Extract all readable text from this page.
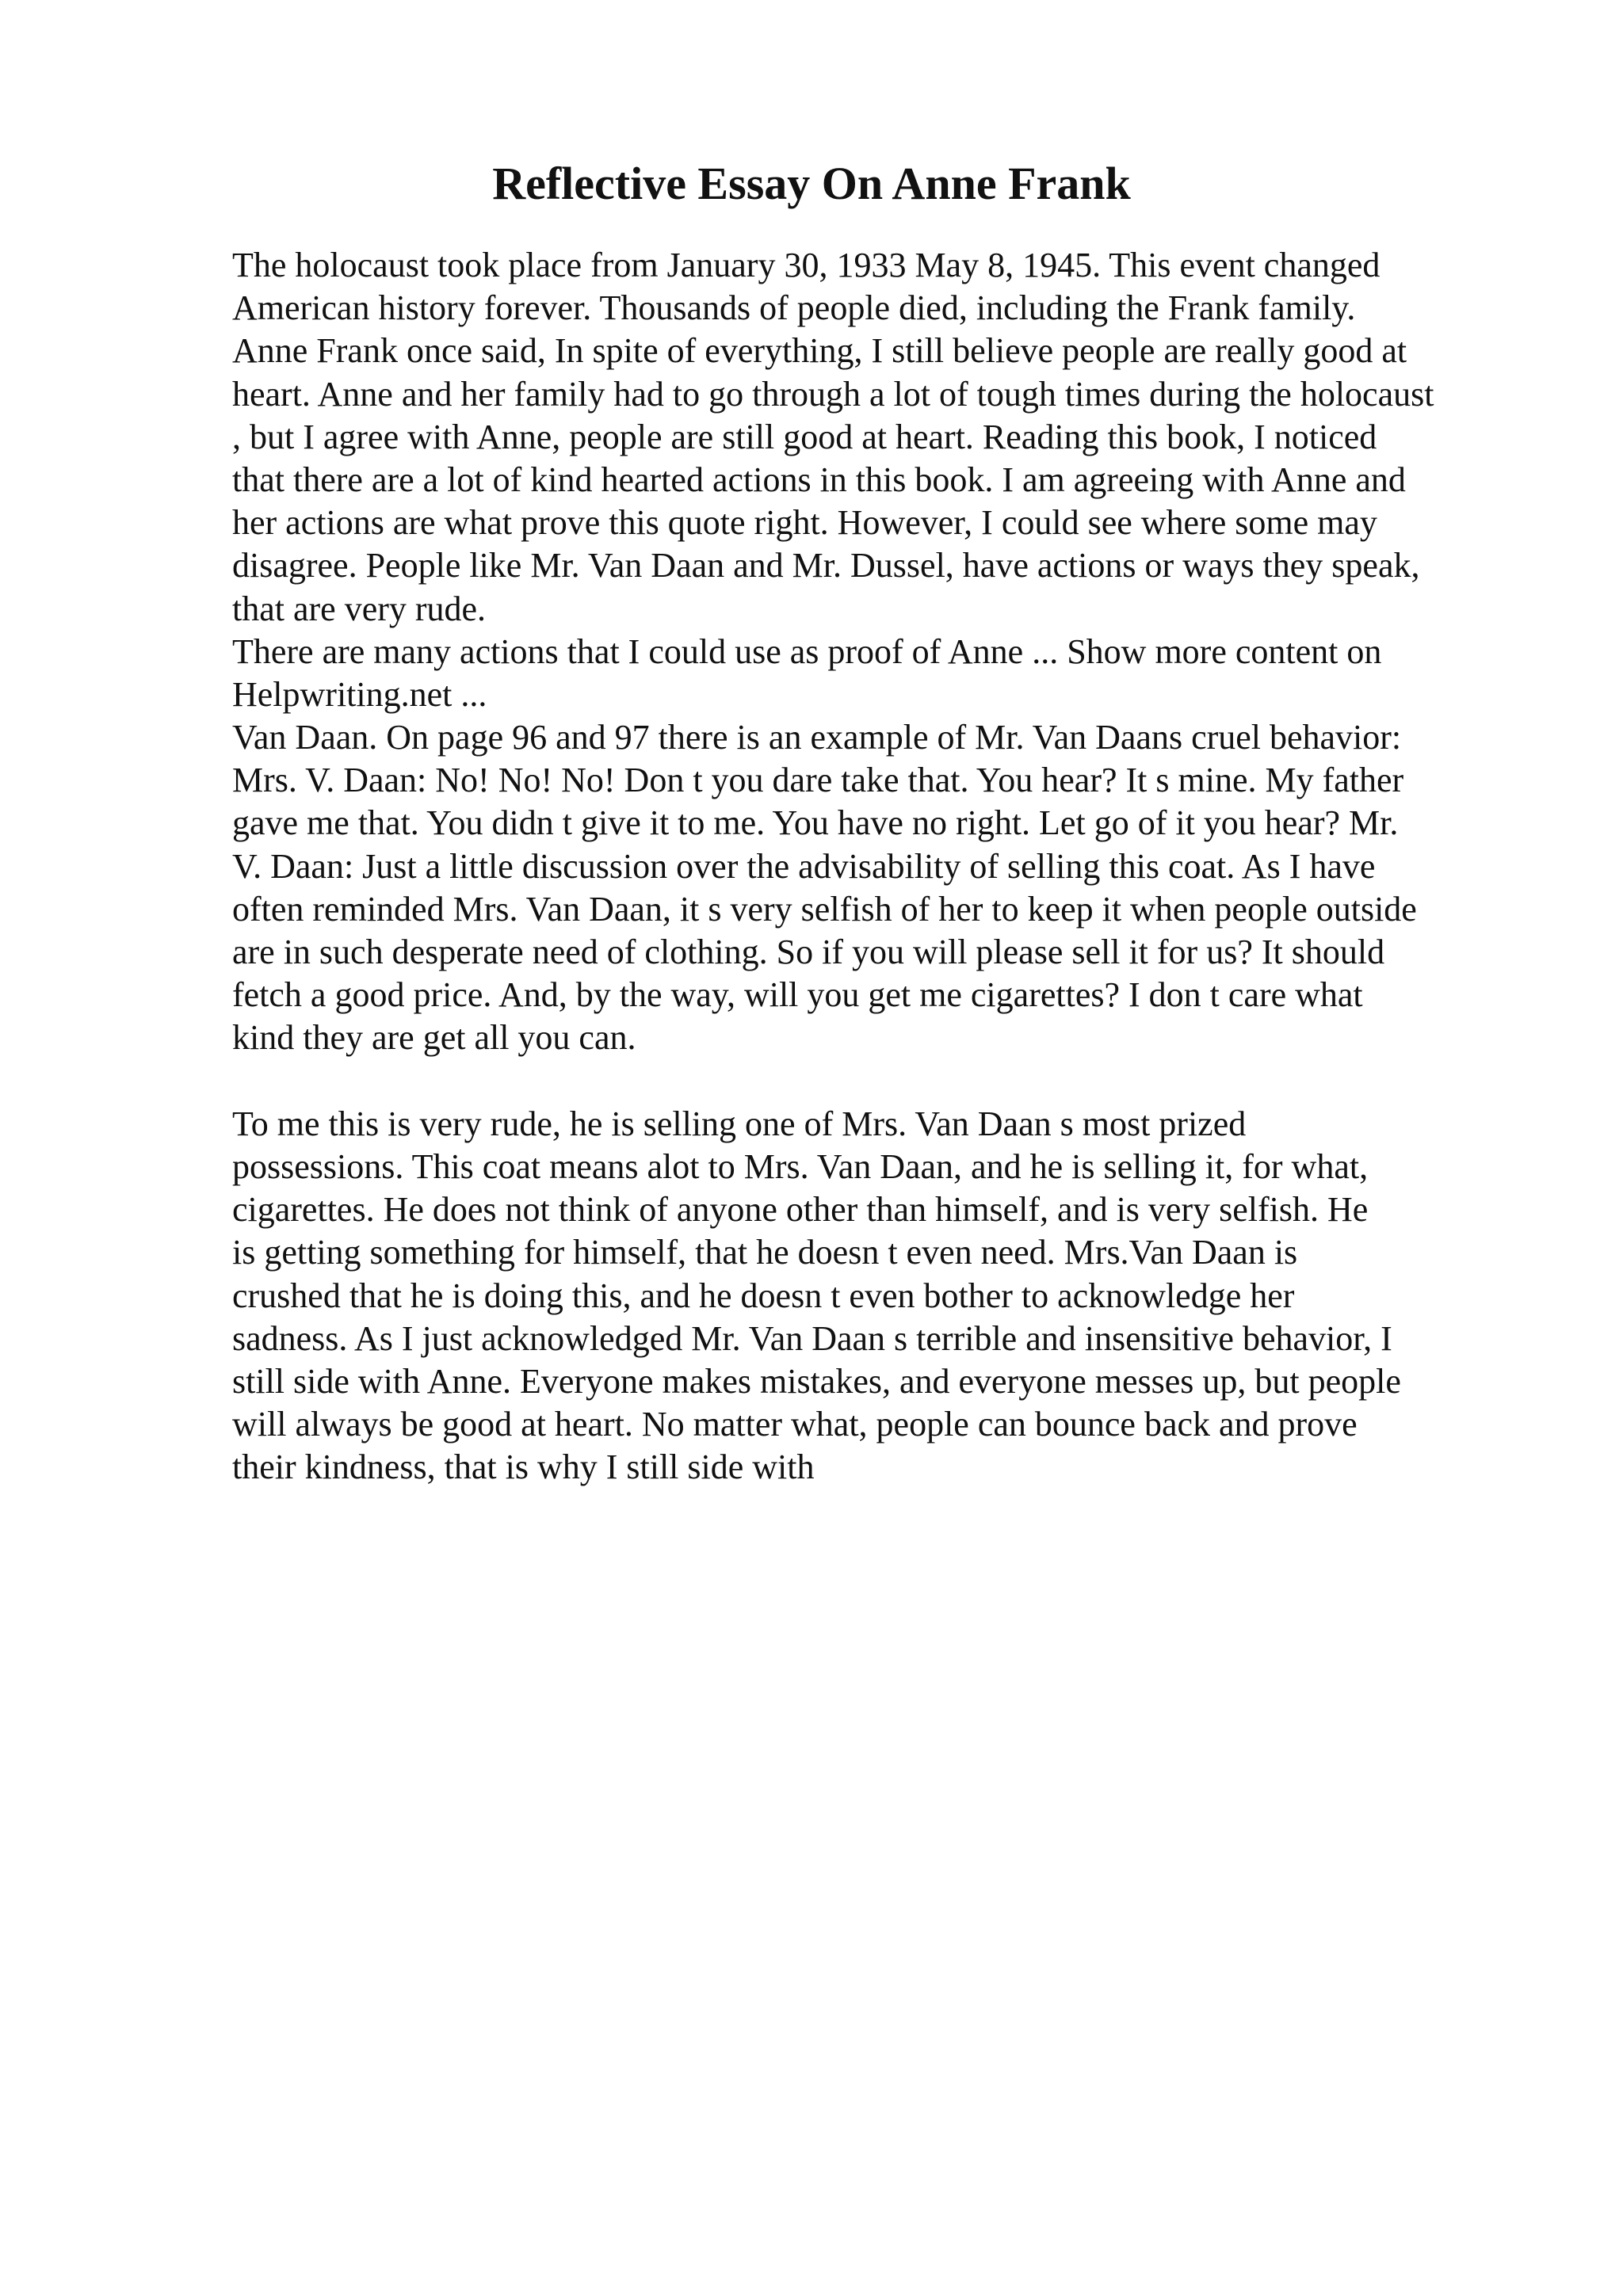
Reflective Essay On Anne Frank
The holocaust took place from January 30, 1933 May 8, 1945. This event changed
American history forever. Thousands of people died, including the Frank family.
Anne Frank once said, In spite of everything, I still believe people are really good at
heart. Anne and her family had to go through a lot of tough times during the holocaust
, but I agree with Anne, people are still good at heart. Reading this book, I noticed
that there are a lot of kind hearted actions in this book. I am agreeing with Anne and
her actions are what prove this quote right. However, I could see where some may
disagree. People like Mr. Van Daan and Mr. Dussel, have actions or ways they speak,
that are very rude.
There are many actions that I could use as proof of Anne ... Show more content on
Helpwriting.net ...
Van Daan. On page 96 and 97 there is an example of Mr. Van Daans cruel behavior:
Mrs. V. Daan: No! No! No! Don t you dare take that. You hear? It s mine. My father
gave me that. You didn t give it to me. You have no right. Let go of it you hear? Mr.
V. Daan: Just a little discussion over the advisability of selling this coat. As I have
often reminded Mrs. Van Daan, it s very selfish of her to keep it when people outside
are in such desperate need of clothing. So if you will please sell it for us? It should
fetch a good price. And, by the way, will you get me cigarettes? I don t care what
kind they are get all you can.
To me this is very rude, he is selling one of Mrs. Van Daan s most prized
possessions. This coat means alot to Mrs. Van Daan, and he is selling it, for what,
cigarettes. He does not think of anyone other than himself, and is very selfish. He
is getting something for himself, that he doesn t even need. Mrs.Van Daan is
crushed that he is doing this, and he doesn t even bother to acknowledge her
sadness. As I just acknowledged Mr. Van Daan s terrible and insensitive behavior, I
still side with Anne. Everyone makes mistakes, and everyone messes up, but people
will always be good at heart. No matter what, people can bounce back and prove
their kindness, that is why I still side with
